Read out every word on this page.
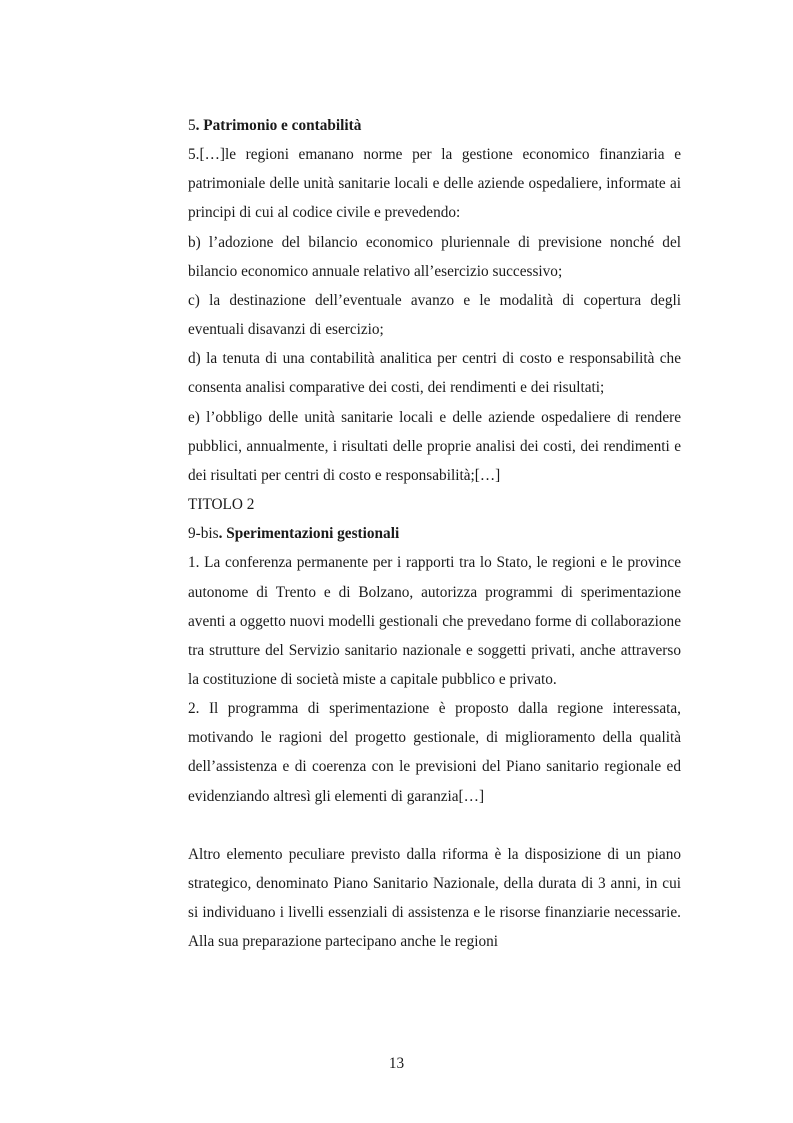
5. Patrimonio e contabilità

5.[…]le regioni emanano norme per la gestione economico finanziaria e patrimoniale delle unità sanitarie locali e delle aziende ospedaliere, informate ai principi di cui al codice civile e prevedendo:

b) l’adozione del bilancio economico pluriennale di previsione nonché del bilancio economico annuale relativo all’esercizio successivo;

c) la destinazione dell’eventuale avanzo e le modalità di copertura degli eventuali disavanzi di esercizio;

d) la tenuta di una contabilità analitica per centri di costo e responsabilità che consenta analisi comparative dei costi, dei rendimenti e dei risultati;

e) l’obbligo delle unità sanitarie locali e delle aziende ospedaliere di rendere pubblici, annualmente, i risultati delle proprie analisi dei costi, dei rendimenti e dei risultati per centri di costo e responsabilità;[…]

TITOLO 2

9-bis. Sperimentazioni gestionali

1. La conferenza permanente per i rapporti tra lo Stato, le regioni e le province autonome di Trento e di Bolzano, autorizza programmi di sperimentazione aventi a oggetto nuovi modelli gestionali che prevedano forme di collaborazione tra strutture del Servizio sanitario nazionale e soggetti privati, anche attraverso la costituzione di società miste a capitale pubblico e privato.

2. Il programma di sperimentazione è proposto dalla regione interessata, motivando le ragioni del progetto gestionale, di miglioramento della qualità dell’assistenza e di coerenza con le previsioni del Piano sanitario regionale ed evidenziando altresì gli elementi di garanzia[…]

Altro elemento peculiare previsto dalla riforma è la disposizione di un piano strategico, denominato Piano Sanitario Nazionale, della durata di 3 anni, in cui si individuano i livelli essenziali di assistenza e le risorse finanziarie necessarie. Alla sua preparazione partecipano anche le regioni

13
